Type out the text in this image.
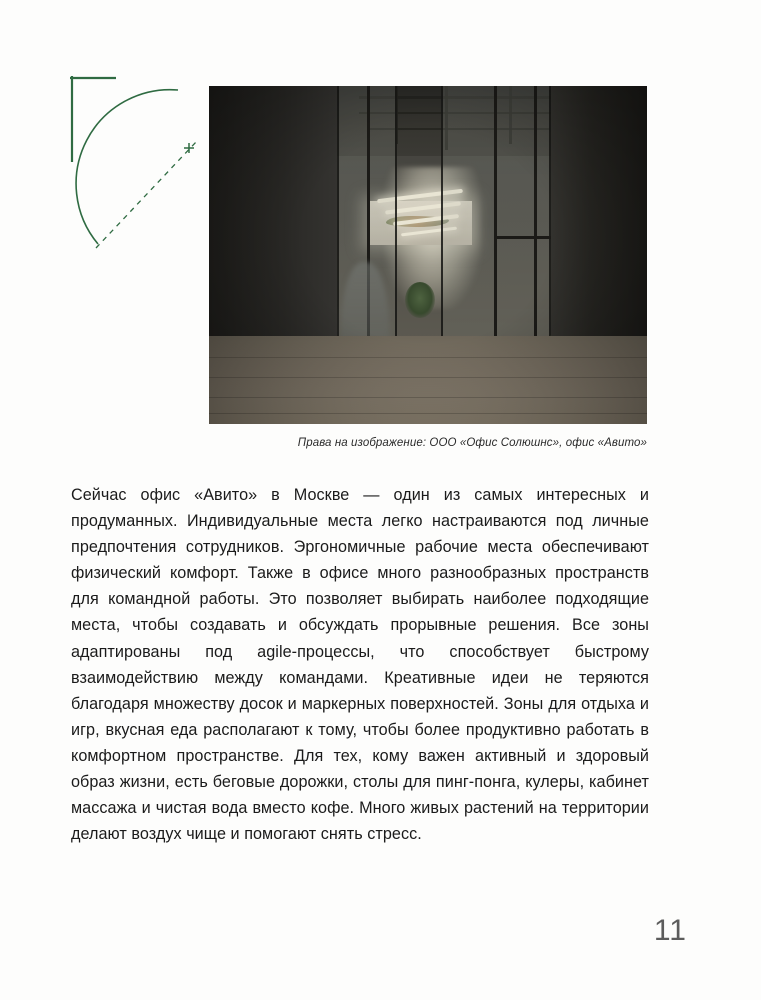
Права на изображение: ООО «Офис Солюшнс», офис «Авито»

Сейчас офис «Авито» в Москве — один из самых интересных и продуманных. Индивидуальные места легко настраиваются под личные предпочтения сотрудников. Эргономичные рабочие места обеспечивают физический комфорт. Также в офисе много разнообразных пространств для командной работы. Это позволяет выбирать наиболее подходящие места, чтобы создавать и обсуждать прорывные решения. Все зоны адаптированы под agile-процессы, что способствует быстрому взаимодействию между командами. Креативные идеи не теряются благодаря множеству досок и маркерных поверхностей. Зоны для отдыха и игр, вкусная еда располагают к тому, чтобы более продуктивно работать в комфортном пространстве. Для тех, кому важен активный и здоровый образ жизни, есть беговые дорожки, столы для пинг-понга, кулеры, кабинет массажа и чистая вода вместо кофе. Много живых растений на территории делают воздух чище и помогают снять стресс.

11
